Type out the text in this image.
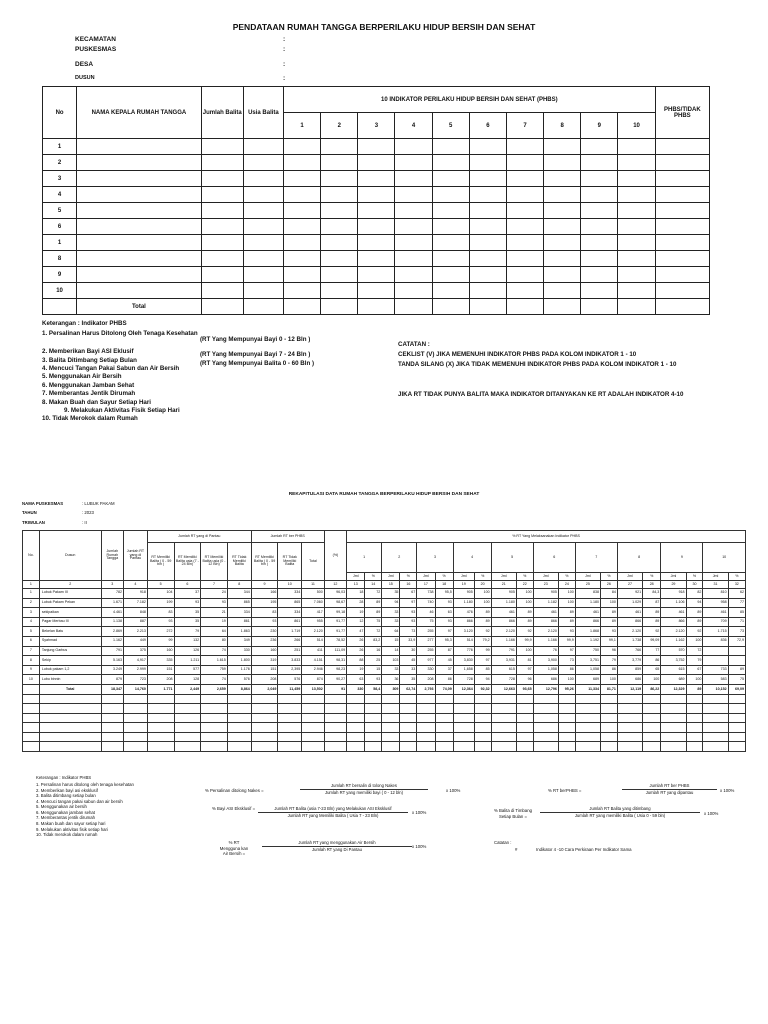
PENDATAAN RUMAH TANGGA BERPERILAKU HIDUP BERSIH DAN SEHAT
KECAMATAN	:
PUSKESMAS	:
DESA	:
DUSUN	:
No	NAMA KEPALA RUMAH TANGGA	Jumlah Balita	Usia Balita	10 INDIKATOR PERILAKU HIDUP BERSIH DAN SEHAT (PHBS)										PHBS/TIDAK PHBS
				1	2	3	4	5	6	7	8	9	10	
1														
2														
3														
4														
5														
6														
1														
8														
9														
10														
	Total													
Keterangan : Indikator PHBS
1. Persalinan Harus Ditolong Oleh Tenaga Kesehatan
2. Memberikan Bayi ASI Eklusif
3. Balita Ditimbang Setiap Bulan
4. Mencuci Tangan Pakai Sabun dan Air Bersih
5. Menggunakan Air Bersih
6. Menggunakan Jamban Sehat
7. Memberantas Jentik Dirumah
8. Makan Buah dan Sayur Setiap Hari
9. Melakukan Aktivitas Fisik Setiap Hari
10. Tidak Merokok dalam Rumah
(RT Yang Mempunyai Bayi 0 - 12 Bln )
(RT Yang Mempunyai Bayi 7 - 24 Bln )
(RT Yang Mempunyai Balita 0 - 60 Bln )
CATATAN :
CEKLIST (V) JIKA MEMENUHI INDIKATOR PHBS PADA KOLOM INDIKATOR 1 - 10
TANDA SILANG (X) JIKA TIDAK MEMENUHI INDIKATOR PHBS PADA KOLOM INDIKATOR 1 - 10
JIKA RT TIDAK PUNYA BALITA MAKA INDIKATOR DITANYAKAN KE RT ADALAH INDIKATOR 4-10
REKAPITULASI DATA RUMAH TANGGA BERPERILAKU HIDUP BERSIH DAN SEHAT
NAMA PUSKESMAS	: LUBUK PAKAM
TAHUN	: 2023
TRIWULAN	: II
No.	Dusun	Jumlah Rumah Tangga	Jumlah RT yang di Pantau	Jumlah RT yang di Pantau				Jumlah RT ber PHBS			(%)	% RT Yang Melaksanakan Indikator PHBS																			
				RT Memiliki Balita ( 0 - 59 bln )	RT Memiliki Balita usia (7 - 24 Bln)	RT Memiliki Balita usia (0 - 12 Bln)	RT Tidak Memiliki Balita	RT Memiliki Balita ( 0 - 59 bln )	RT Tidak Memiliki Balita	Total		1		2		3		4		5		6		7		8		9		10	
												Jml	%	Jml	%	Jml	%	Jml	%	Jml	%	Jml	%	Jml	%	Jml	%	Jml	%	Jml	%
1	2	3	4	5	6	7	8	9	10	11	12	13	14	15	16	17	18	19	20	21	22	23	24	25	26	27	28	29	30	31	32
1	Lubuk Pakam III	782	918	104	37	24	344	166	334	500	96,03	18	72	35	67	738	95,5	905	100	905	100	905	100	838	84	921	84,3	918	82	810	62
2	Lubuk Pakam Pekan	1.671	7.182	199	93	93	865	195	865	7.060	98,67	28	89	94	97	740	93	1.180	100	1.180	100	1.182	100	1.180	100	1.029	87	1.106	94	958	77
3	sekipaikan	4.461	848	83	35	21	334	83	334	417	99,18	19	89	33	93	46	63	476	89	461	89	461	89	461	89	461	89	461	89	461	85
4	Pagar Merbau III	1.138	887	93	35	19	861	93	861	955	91,77	12	75	33	93	75	93	866	89	866	89	866	89	866	89	866	89	866	89	709	71
5	Bekelan Batu	2.869	2.213	272	79	64	1.863	230	1.719	2.120	91,77	47	72	64	73	255	97	3.120	92	2.120	92	2.120	93	1.868	93	2.120	92	2.120	92	1.715	73
6	Syahmad	1.162	449	99	132	80	349	236	266	514	78,52	26	83,2	15	33,9	277	95,3	514	79,2	1.166	99,9	1.166	99,9	1.192	99,1	1.738	99,09	1.162	100	836	72,9
7	Tanjung Garbus	791	375	160	126	74	330	160	251	411	111,09	26	16	14	30	255	87	776	99	791	100	76	97	750	96	766	77	570	72		
8	Sekip	5.163	4,917	335	1.211	1.615	1.800	319	3.833	4.151	98,31	88	25	103	45	977	45	3,830	97	3,931	81	3,900	73	3,751	79	3,779	86	3,752	79		
9	Lubuk pakam 1,2	3.249	2.999	151	577	759	1.176	151	2,395	2.946	98,23	19	15	33	33	330	37	1,658	85	615	97	1,058	86	1,058	86	859	65	615	67	733	89
10	Lubu binnin	879	723	208	128	74	576	208	576	874	90,27	63	93	36	35	208	86	728	94	728	96	686	100	689	100	686	100	689	100	583	75
	Total	18,347	14,760	1.771	2,449	2,659	8,864	2,049	11,459	13,502	91	330	58,4	309	62,74	2,793	74,09	12,364	92,32	12,663	93,65	12,796	95,26	11,334	81,71	12,119	86,22	12,329	89	10,152	69,09

Keterangan : Indikator PHBS
1. Persalinan harus ditolong oleh tenaga kesehatan
2. Memberikan bayi asi eksklusif
3. Balita ditimbang setiap bulan
4. Mencuci tangan pakai sabun dan air bersih
5. Menggunakan air bersih
6. Menggunakan jamban sehat
7. Memberantas jentik dirumah
8. Makan buah dan sayur setiap hari
9. Melakukan aktivitas fisik setiap hari
10. Tidak merokok dalam rumah
% Persalinan ditolong Nakes =
Jumlah RT bersalin di tolong Nakes
Jumlah RT yang memiliki bayi ( 0 - 12 bln)	x 100%	% RT berPHBS =
Jumlah RT ber PHBS
Jumlah RT yang dipantau	x 100%
% Bayi ASI Eksklusif =	Jumlah RT Balita (usia 7-23 Bln) yang Melakukan ASI Eksklusif
Jumlah RT yang Memiliki Balita ( Usia 7 - 23 Bln)
x 100%	% Balita di Timbang Setiap Bulan =
Jumlah RT Balita yang ditimbang
Jumlah RT yang memiliki Balita ( Usia 0 - 59 bln)	x 100%
% RT Mengguna kan Air Bersih =
Jumlah RT yang menggunakan Air Bersih
Jumlah RT yang Di Pantau
x 100%
Catatan :
#	Indikator 4 -10 Cara Perkiraan Per Indikator Sama
